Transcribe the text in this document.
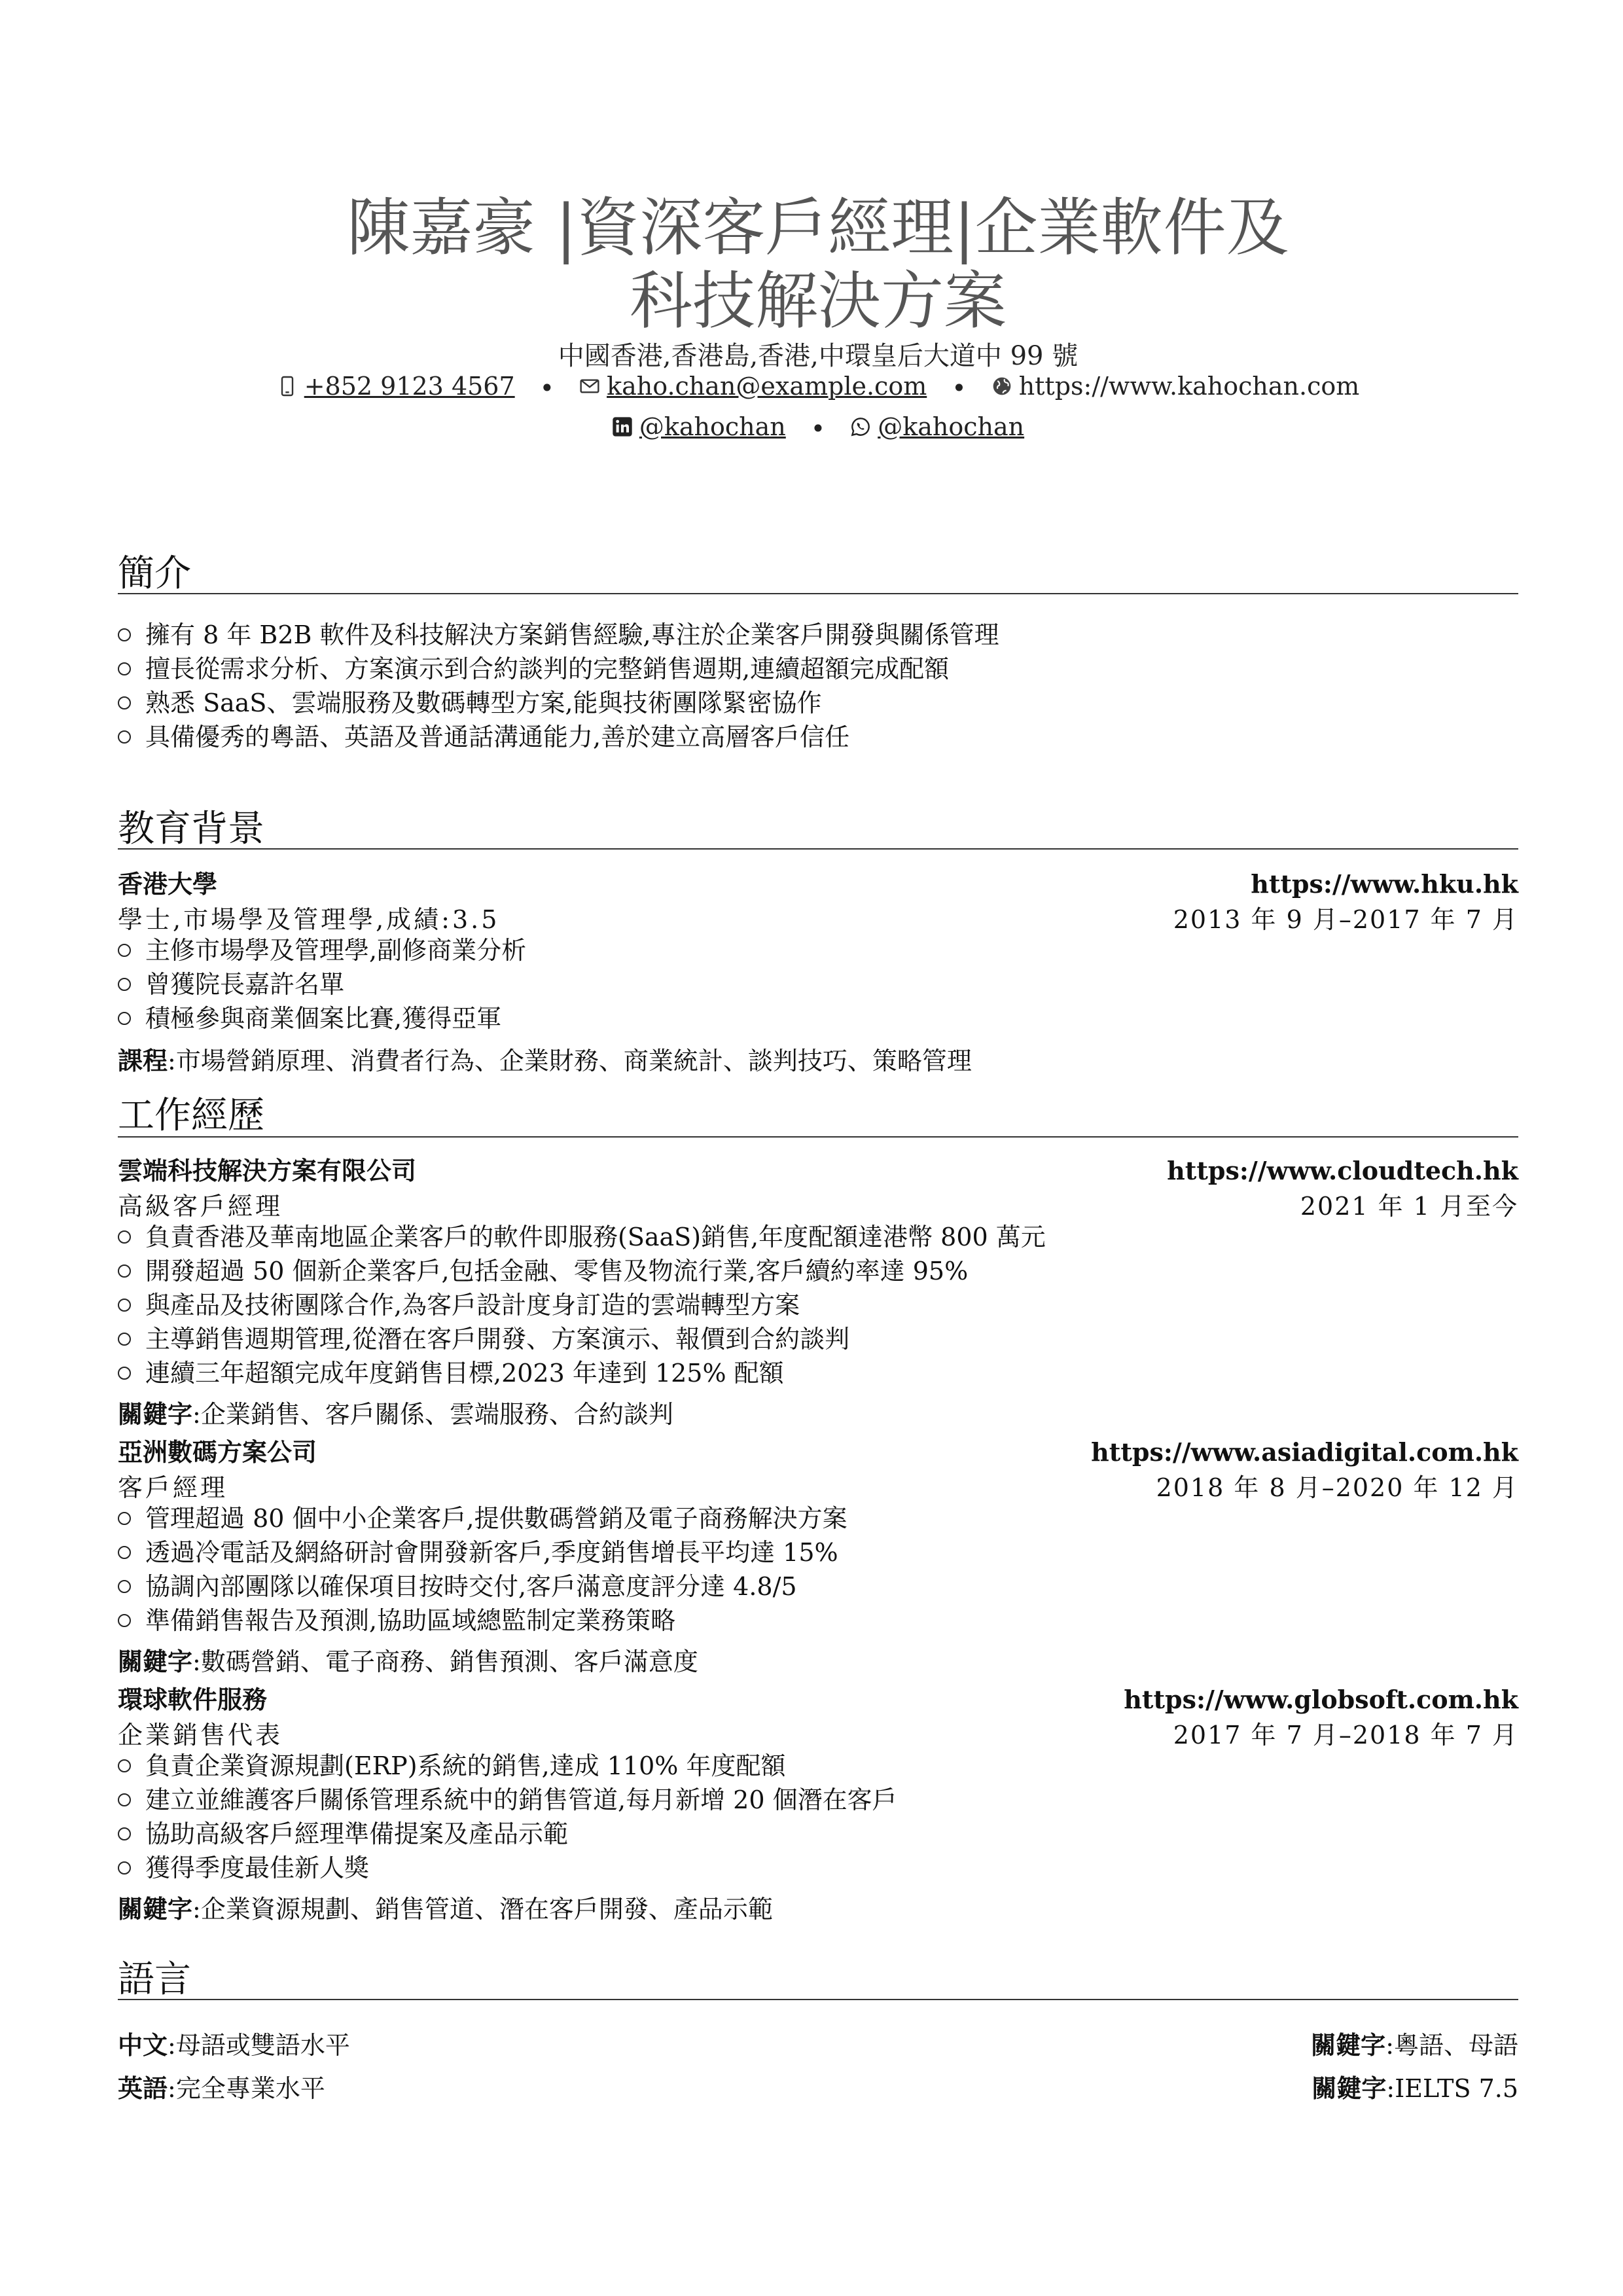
陳嘉豪 |資深客戶經理|企業軟件及
科技解決方案
中國香港,香港島,香港,中環皇后大道中 99 號
+852 9123 4567 • kaho.chan@example.com • https://www.kahochan.com
@kahochan • @kahochan
簡介
擁有 8 年 B2B 軟件及科技解決方案銷售經驗,專注於企業客戶開發與關係管理
擅長從需求分析、方案演示到合約談判的完整銷售週期,連續超額完成配額
熟悉 SaaS、雲端服務及數碼轉型方案,能與技術團隊緊密協作
具備優秀的粵語、英語及普通話溝通能力,善於建立高層客戶信任
教育背景
香港大學	https://www.hku.hk
學士,市場學及管理學,成績:3.5	2013 年 9 月–2017 年 7 月
主修市場學及管理學,副修商業分析
曾獲院長嘉許名單
積極參與商業個案比賽,獲得亞軍
課程:市場營銷原理、消費者行為、企業財務、商業統計、談判技巧、策略管理
工作經歷
雲端科技解決方案有限公司	https://www.cloudtech.hk
高級客戶經理	2021 年 1 月至今
負責香港及華南地區企業客戶的軟件即服務(SaaS)銷售,年度配額達港幣 800 萬元
開發超過 50 個新企業客戶,包括金融、零售及物流行業,客戶續約率達 95%
與產品及技術團隊合作,為客戶設計度身訂造的雲端轉型方案
主導銷售週期管理,從潛在客戶開發、方案演示、報價到合約談判
連續三年超額完成年度銷售目標,2023 年達到 125% 配額
關鍵字:企業銷售、客戶關係、雲端服務、合約談判
亞洲數碼方案公司	https://www.asiadigital.com.hk
客戶經理	2018 年 8 月–2020 年 12 月
管理超過 80 個中小企業客戶,提供數碼營銷及電子商務解決方案
透過冷電話及網絡研討會開發新客戶,季度銷售增長平均達 15%
協調內部團隊以確保項目按時交付,客戶滿意度評分達 4.8/5
準備銷售報告及預測,協助區域總監制定業務策略
關鍵字:數碼營銷、電子商務、銷售預測、客戶滿意度
環球軟件服務	https://www.globsoft.com.hk
企業銷售代表	2017 年 7 月–2018 年 7 月
負責企業資源規劃(ERP)系統的銷售,達成 110% 年度配額
建立並維護客戶關係管理系統中的銷售管道,每月新增 20 個潛在客戶
協助高級客戶經理準備提案及產品示範
獲得季度最佳新人獎
關鍵字:企業資源規劃、銷售管道、潛在客戶開發、產品示範
語言
中文:母語或雙語水平	關鍵字:粵語、母語
英語:完全專業水平	關鍵字:IELTS 7.5
